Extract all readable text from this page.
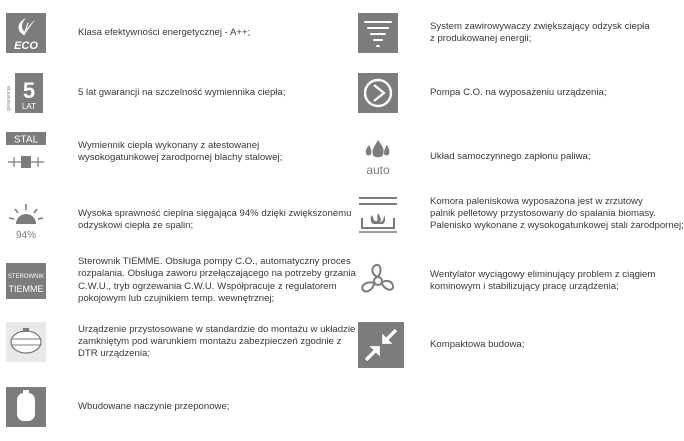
ECO
Klasa efektywności energetycznej - A++;
gwarancja 5
LAT
5 lat gwarancji na szczelność wymiennika ciepła;
STAL	Wymiennik ciepła wykonany z atestowanej
wysokogatunkowej żarodpornej blachy stalowej;
94%
Wysoka sprawność cieplna sięgająca 94% dzięki zwiększonemu
odzyskowi ciepła ze spalin;
STEROWNIK
TIEMME
Sterownik TIEMME. Obsługa pompy C.O., automatyczny proces
rozpalania. Obsługa zaworu przełączającego na potrzeby grzania
C.W.U., tryb ogrzewania C.W.U. Współpracuje z regulatorem
pokojowym lub czujnikiem temp. wewnętrznej;
Urządzenie przystosowane w standardzie do montażu w układzie
zamkniętym pod warunkiem montażu zabezpieczeń zgodnie z
DTR urządzenia;
Wbudowane naczynie przeponowe;
System zawirowywaczy zwiększający odzysk ciepła
z produkowanej energii;
Pompa C.O. na wyposażeniu urządzenia;
auto
Układ samoczynnego zapłonu paliwa;
Komora paleniskowa wyposażona jest w zrzutowy
palnik pelletowy przystosowany do spalania biomasy.
Palenisko wykonane z wysokogatunkowej stali żarodpornej;
Wentylator wyciągowy eliminujący problem z ciągiem
kominowym i stabilizujący pracę urządzenia;
Kompaktowa budowa;
